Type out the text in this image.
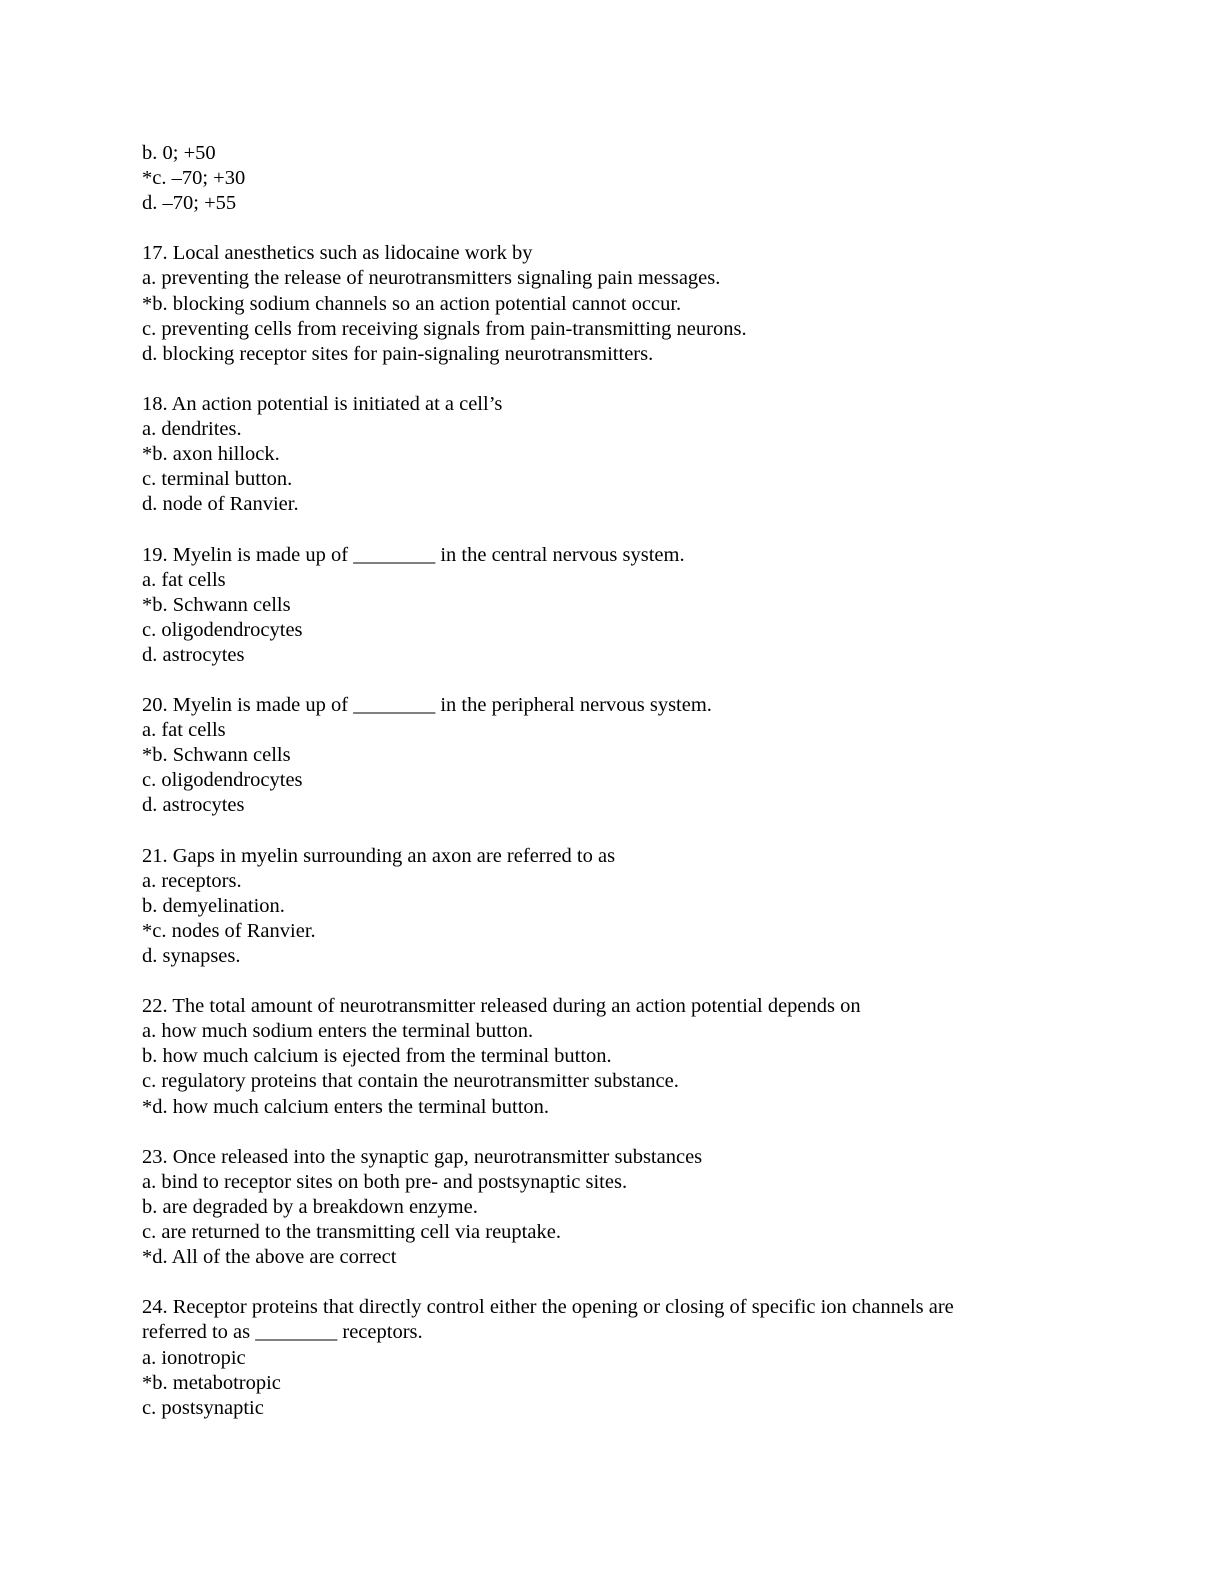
b. 0; +50

*c. –70; +30

d. –70; +55

17. Local anesthetics such as lidocaine work by

a. preventing the release of neurotransmitters signaling pain messages.

*b. blocking sodium channels so an action potential cannot occur.

c. preventing cells from receiving signals from pain-transmitting neurons.

d. blocking receptor sites for pain-signaling neurotransmitters.

18. An action potential is initiated at a cell’s

a. dendrites.

*b. axon hillock.

c. terminal button.

d. node of Ranvier.

19. Myelin is made up of ________ in the central nervous system.

a. fat cells

*b. Schwann cells

c. oligodendrocytes

d. astrocytes

20. Myelin is made up of ________ in the peripheral nervous system.

a. fat cells

*b. Schwann cells

c. oligodendrocytes

d. astrocytes

21. Gaps in myelin surrounding an axon are referred to as

a. receptors.

b. demyelination.

*c. nodes of Ranvier.

d. synapses.

22. The total amount of neurotransmitter released during an action potential depends on

a. how much sodium enters the terminal button.

b. how much calcium is ejected from the terminal button.

c. regulatory proteins that contain the neurotransmitter substance.

*d. how much calcium enters the terminal button.

23. Once released into the synaptic gap, neurotransmitter substances

a. bind to receptor sites on both pre- and postsynaptic sites.

b. are degraded by a breakdown enzyme.

c. are returned to the transmitting cell via reuptake.

*d. All of the above are correct

24. Receptor proteins that directly control either the opening or closing of specific ion channels are

referred to as ________ receptors.

a. ionotropic

*b. metabotropic

c. postsynaptic
